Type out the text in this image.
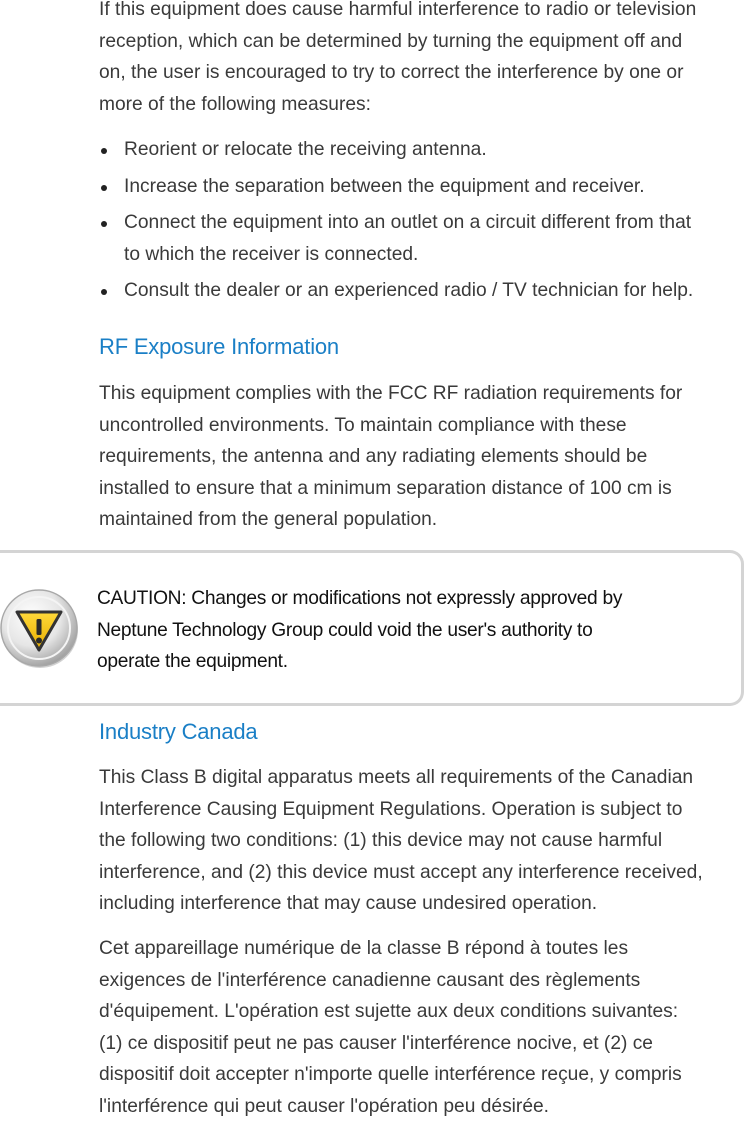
If this equipment does cause harmful interference to radio or television
reception, which can be determined by turning the equipment off and
on, the user is encouraged to try to correct the interference by one or
more of the following measures:

Reorient or relocate the receiving antenna.
Increase the separation between the equipment and receiver.
Connect the equipment into an outlet on a circuit different from that
to which the receiver is connected.
Consult the dealer or an experienced radio / TV technician for help.
RF Exposure Information

This equipment complies with the FCC RF radiation requirements for
uncontrolled environments. To maintain compliance with these
requirements, the antenna and any radiating elements should be
installed to ensure that a minimum separation distance of 100 cm is
maintained from the general population.

CAUTION: Changes or modifications not expressly approved by
Neptune Technology Group could void the user's authority to
operate the equipment.
Industry Canada

This Class B digital apparatus meets all requirements of the Canadian
Interference Causing Equipment Regulations. Operation is subject to
the following two conditions: (1) this device may not cause harmful
interference, and (2) this device must accept any interference received,
including interference that may cause undesired operation.

Cet appareillage numérique de la classe B répond à toutes les
exigences de l'interférence canadienne causant des règlements
d'équipement. L'opération est sujette aux deux conditions suivantes:
(1) ce dispositif peut ne pas causer l'interférence nocive, et (2) ce
dispositif doit accepter n'importe quelle interférence reçue, y compris
l'interférence qui peut causer l'opération peu désirée.
